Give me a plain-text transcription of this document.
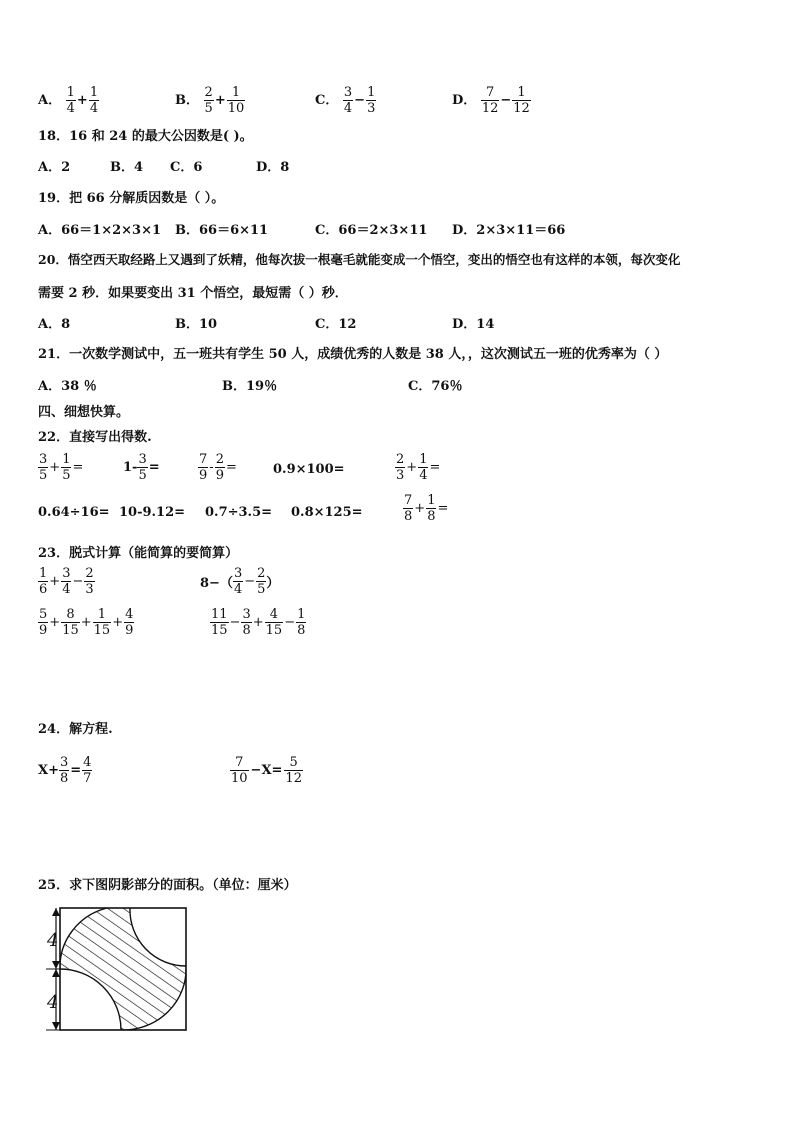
A． $\frac{1}{4} + \frac{1}{4}$	B． $\frac{2}{5} + \frac{1}{10}$	C． $\frac{3}{4} - \frac{1}{3}$	D． $\frac{7}{12} - \frac{1}{12}$
18．16 和 24 的最大公因数是( )。
A．2	B．4 C．6	D．8
19．把 66 分解质因数是（ ）。
A．66＝1×2×3×1 B．66＝6×11	C．66＝2×3×11 D．2×3×11＝66
20．悟空西天取经路上又遇到了妖精，他每次拔一根毫毛就能变成一个悟空，变出的悟空也有这样的本领，每次变化
需要 2 秒．如果要变出 31 个悟空，最短需（ ）秒．
A．8	B．10	C．12	D．14
21．一次数学测试中，五一班共有学生 50 人，成绩优秀的人数是 38 人，，这次测试五一班的优秀率为（ ）
A．38 ％	B．19％	C．76％
四、细想快算。
22．直接写出得数.
$\frac{3}{5} + \frac{1}{5}$ =	$1- \frac{3}{5}$ =	$\frac{7}{9} - \frac{2}{9}$ =	0.9×100=	$\frac{2}{3} + \frac{1}{4}$ =
0.64÷16= 10-9.12= 0.7÷3.5= 0.8×125=	$\frac{7}{8} + \frac{1}{8}$ =
23．脱式计算（能简算的要简算）
$\frac{1}{6} + \frac{3}{4} - \frac{2}{3}$	$8-( \frac{3}{4} - \frac{2}{5}$ ）
$\frac{5}{9} + \frac{8}{15} + \frac{1}{15} + \frac{4}{9}$	$\frac{11}{15} - \frac{3}{8} + \frac{4}{15} - \frac{1}{8}$
24．解方程.
$X+ \frac{3}{8} = \frac{4}{7}$	$\frac{7}{10} -X= \frac{5}{12}$
25．求下图阴影部分的面积。（单位：厘米）
4
4
